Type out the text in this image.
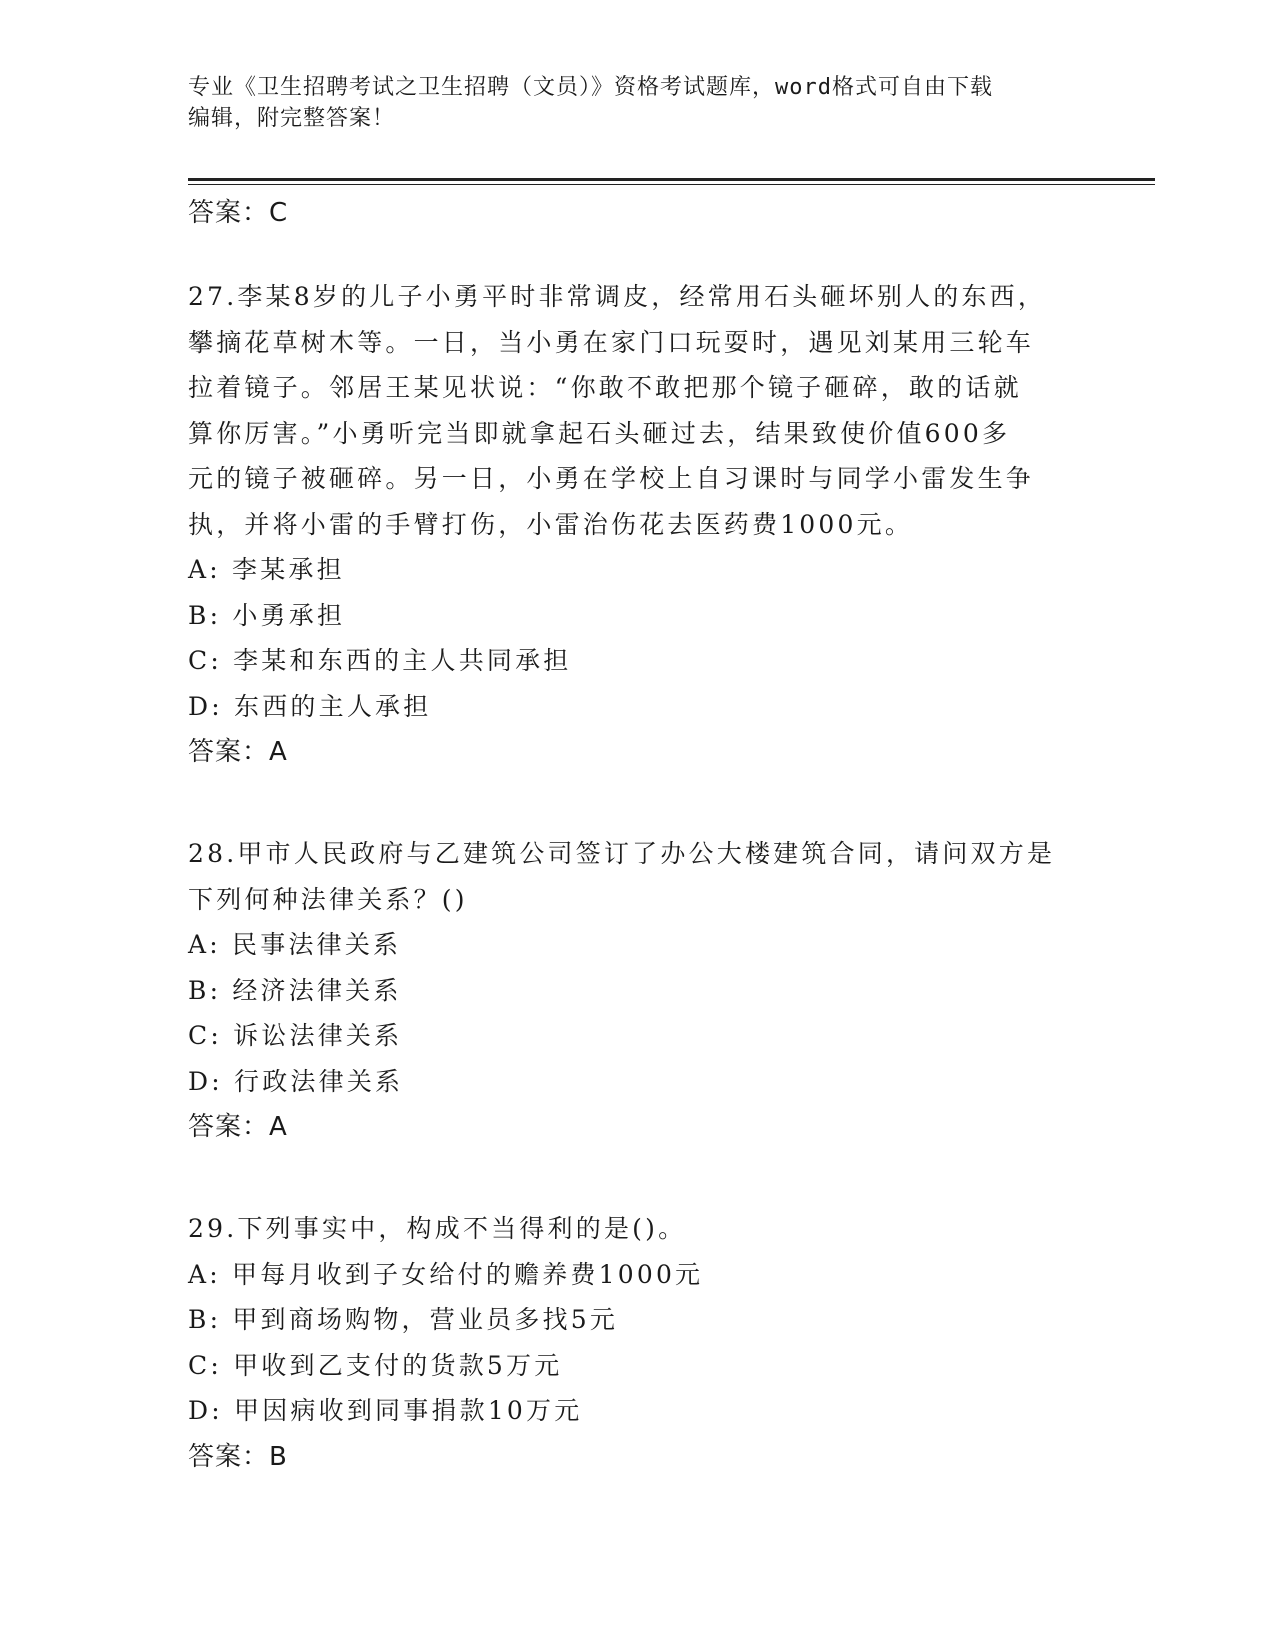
专业《卫生招聘考试之卫生招聘（文员）》资格考试题库，word格式可自由下载
编辑，附完整答案！
答案：C
27.李某8岁的儿子小勇平时非常调皮，经常用石头砸坏别人的东西，
攀摘花草树木等。一日，当小勇在家门口玩耍时，遇见刘某用三轮车
拉着镜子。邻居王某见状说：“你敢不敢把那个镜子砸碎，敢的话就
算你厉害。”小勇听完当即就拿起石头砸过去，结果致使价值600多
元的镜子被砸碎。另一日，小勇在学校上自习课时与同学小雷发生争
执，并将小雷的手臂打伤，小雷治伤花去医药费1000元。
A: 李某承担
B: 小勇承担
C: 李某和东西的主人共同承担
D: 东西的主人承担
答案：A
28.甲市人民政府与乙建筑公司签订了办公大楼建筑合同，请问双方是
下列何种法律关系？()
A: 民事法律关系
B: 经济法律关系
C: 诉讼法律关系
D: 行政法律关系
答案：A
29.下列事实中，构成不当得利的是()。
A: 甲每月收到子女给付的赡养费1000元
B: 甲到商场购物，营业员多找5元
C: 甲收到乙支付的货款5万元
D: 甲因病收到同事捐款10万元
答案：B
